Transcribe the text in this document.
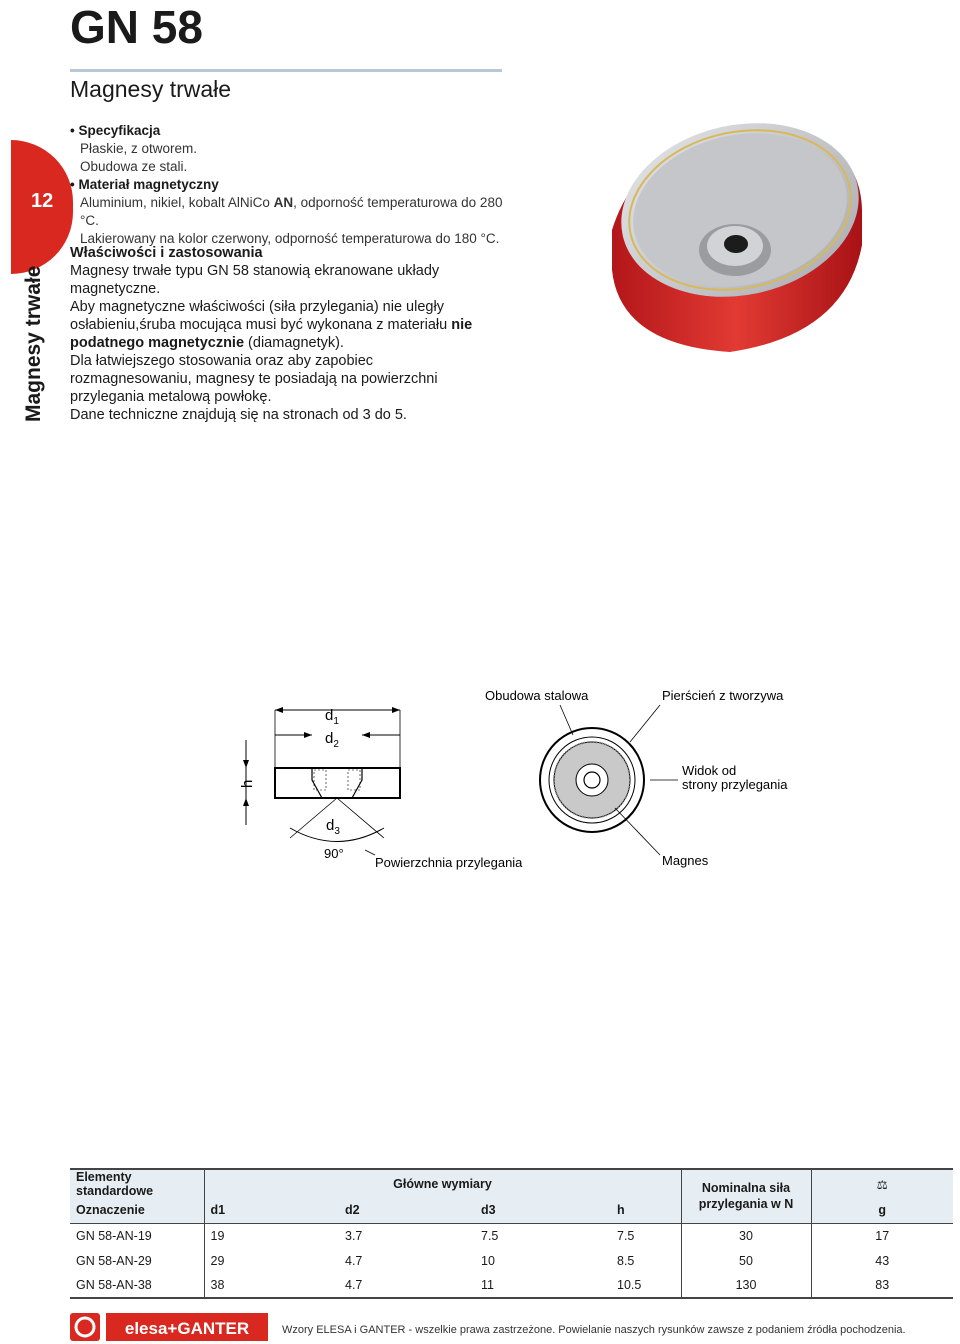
GN 58
Magnesy trwałe
12
Magnesy trwałe
• Specyfikacja
Płaskie, z otworem.
Obudowa ze stali.
• Materiał magnetyczny
Aluminium, nikiel, kobalt AlNiCo AN, odporność temperaturowa do 280 °C.
Lakierowany na kolor czerwony, odporność temperaturowa do 180 °C.
Właściwości i zastosowania
Magnesy trwałe typu GN 58 stanowią ekranowane układy magnetyczne.
Aby magnetyczne właściwości (siła przylegania) nie uległy osłabieniu,śruba mocująca musi być wykonana z materiału nie podatnego magnetycznie (diamagnetyk).
Dla łatwiejszego stosowania oraz aby zapobiec rozmagnesowaniu, magnesy te posiadają na powierzchni przylegania metalową powłokę.
Dane techniczne znajdują się na stronach od 3 do 5.
$d_1$
$d_2$
h
$d_3$
90°
Powierzchnia przylegania
Obudowa stalowa	Pierścień z tworzywa
Widok od
strony przylegania
Magnes
Elementy standardowe	Główne wymiary				Nominalna siła
przylegania w N	⚖
Oznaczenie	d1	d2	d3	h		g
GN 58-AN-19	19	3.7	7.5	7.5	30	17
GN 58-AN-29	29	4.7	10	8.5	50	43
GN 58-AN-38	38	4.7	11	10.5	130	83
elesa+GANTER	Wzory ELESA i GANTER - wszelkie prawa zastrzeżone. Powielanie naszych rysunków zawsze z podaniem źródła pochodzenia.
